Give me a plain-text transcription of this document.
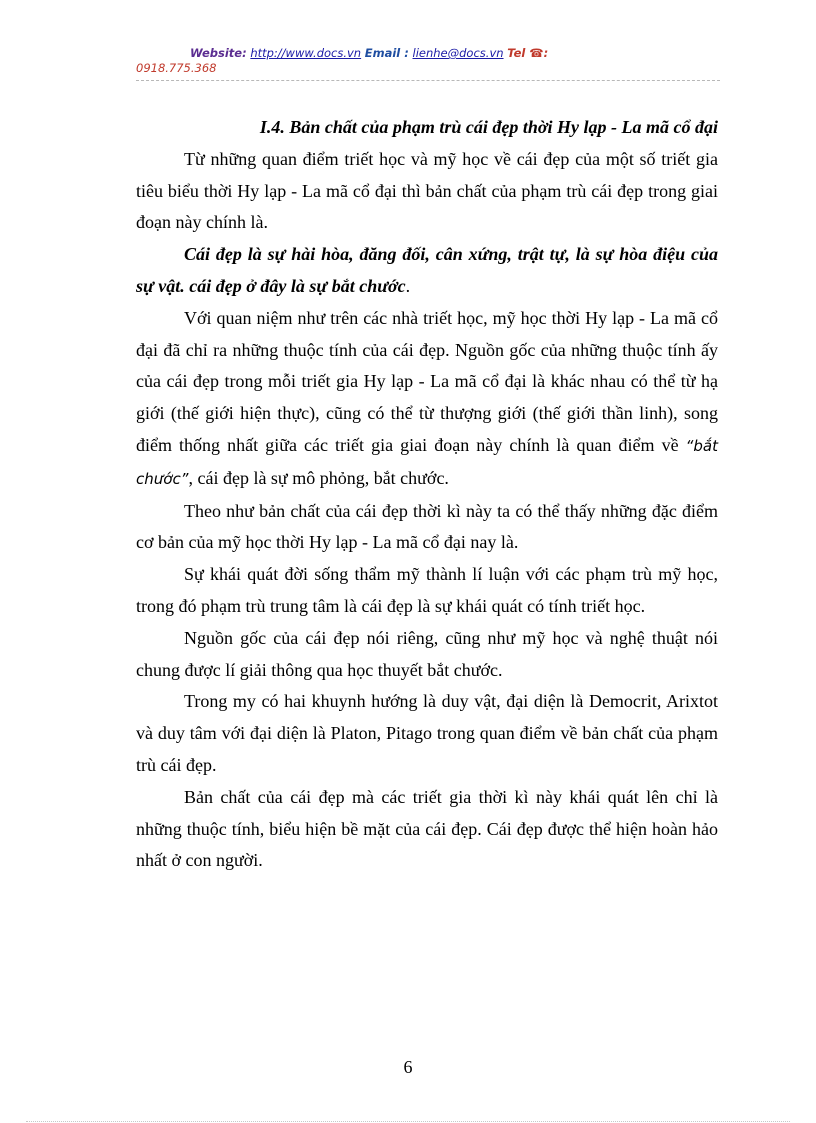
Website: http://www.docs.vn Email : lienhe@docs.vn Tel ☎:
0918.775.368

I.4. Bản chất của phạm trù cái đẹp thời Hy lạp - La mã cổ đại

Từ những quan điểm triết học và mỹ học về cái đẹp của một số triết gia tiêu biểu thời Hy lạp - La mã cổ đại thì bản chất của phạm trù cái đẹp trong giai đoạn này chính là.

Cái đẹp là sự hài hòa, đăng đối, cân xứng, trật tự, là sự hòa điệu của sự vật. cái đẹp ở đây là sự bắt chước.

Với quan niệm như trên các nhà triết học, mỹ học thời Hy lạp - La mã cổ đại đã chỉ ra những thuộc tính của cái đẹp. Nguồn gốc của những thuộc tính ấy của cái đẹp trong mỗi triết gia Hy lạp - La mã cổ đại là khác nhau có thể từ hạ giới (thế giới hiện thực), cũng có thể từ thượng giới (thế giới thần linh), song điểm thống nhất giữa các triết gia giai đoạn này chính là quan điểm về “bắt chước”, cái đẹp là sự mô phỏng, bắt chước.

Theo như bản chất của cái đẹp thời kì này ta có thể thấy những đặc điểm cơ bản của mỹ học thời Hy lạp - La mã cổ đại nay là.

Sự khái quát đời sống thẩm mỹ thành lí luận với các phạm trù mỹ học, trong đó phạm trù trung tâm là cái đẹp là sự khái quát có tính triết học.

Nguồn gốc của cái đẹp nói riêng, cũng như mỹ học và nghệ thuật nói chung được lí giải thông qua học thuyết bắt chước.

Trong my có hai khuynh hướng là duy vật, đại diện là Democrit, Arixtot và duy tâm với đại diện là Platon, Pitago trong quan điểm về bản chất của phạm trù cái đẹp.

Bản chất của cái đẹp mà các triết gia thời kì này khái quát lên chỉ là những thuộc tính, biểu hiện bề mặt của cái đẹp. Cái đẹp được thể hiện hoàn hảo nhất ở con người.

6
